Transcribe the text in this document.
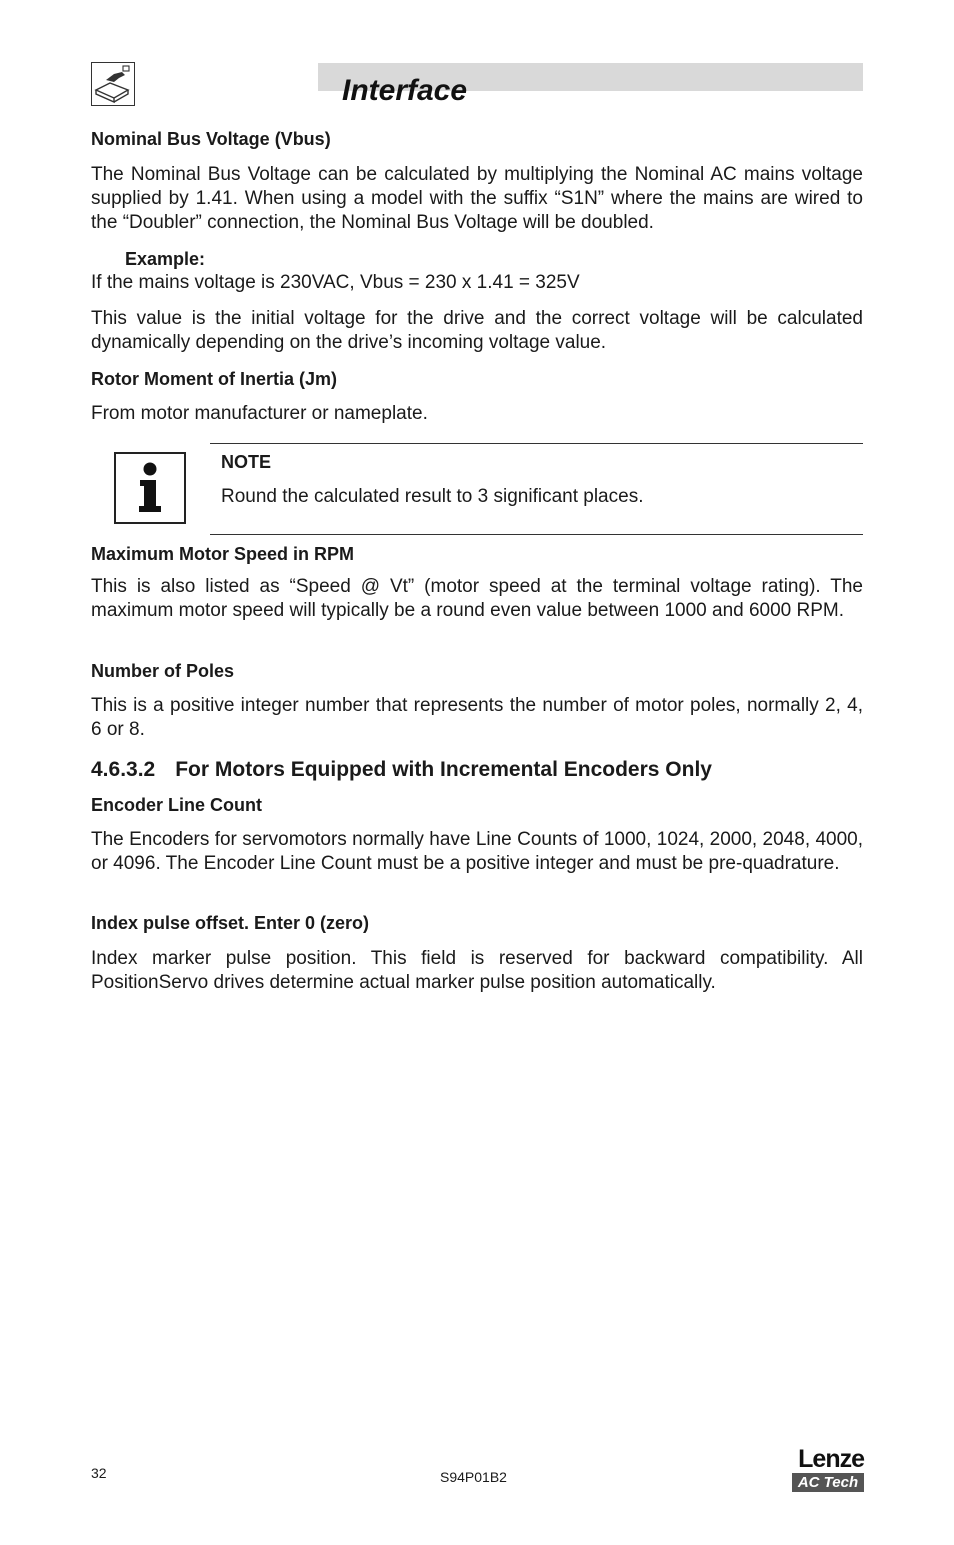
Interface
Nominal Bus Voltage (Vbus)
The Nominal Bus Voltage can be calculated by multiplying the Nominal AC mains voltage supplied by 1.41. When using a model with the suffix “S1N” where the mains are wired to the “Doubler” connection, the Nominal Bus Voltage will be doubled.
Example:
If the mains voltage is 230VAC, Vbus = 230 x 1.41 = 325V
This value is the initial voltage for the drive and the correct voltage will be calculated dynamically depending on the drive’s incoming voltage value.
Rotor Moment of Inertia (Jm)
From motor manufacturer or nameplate.
NOTE
Round the calculated result to 3 significant places.
Maximum Motor Speed in RPM
This is also listed as “Speed @ Vt” (motor speed at the terminal voltage rating). The maximum motor speed will typically be a round even value between 1000 and 6000 RPM.
Number of Poles
This is a positive integer number that represents the number of motor poles, normally 2, 4, 6 or 8.
4.6.3.2 For Motors Equipped with Incremental Encoders Only
Encoder Line Count
The Encoders for servomotors normally have Line Counts of 1000, 1024, 2000, 2048, 4000, or 4096. The Encoder Line Count must be a positive integer and must be pre-quadrature.
Index pulse offset. Enter 0 (zero)
Index marker pulse position. This field is reserved for backward compatibility. All PositionServo drives determine actual marker pulse position automatically.
32	S94P01B2
Lenze
AC Tech
